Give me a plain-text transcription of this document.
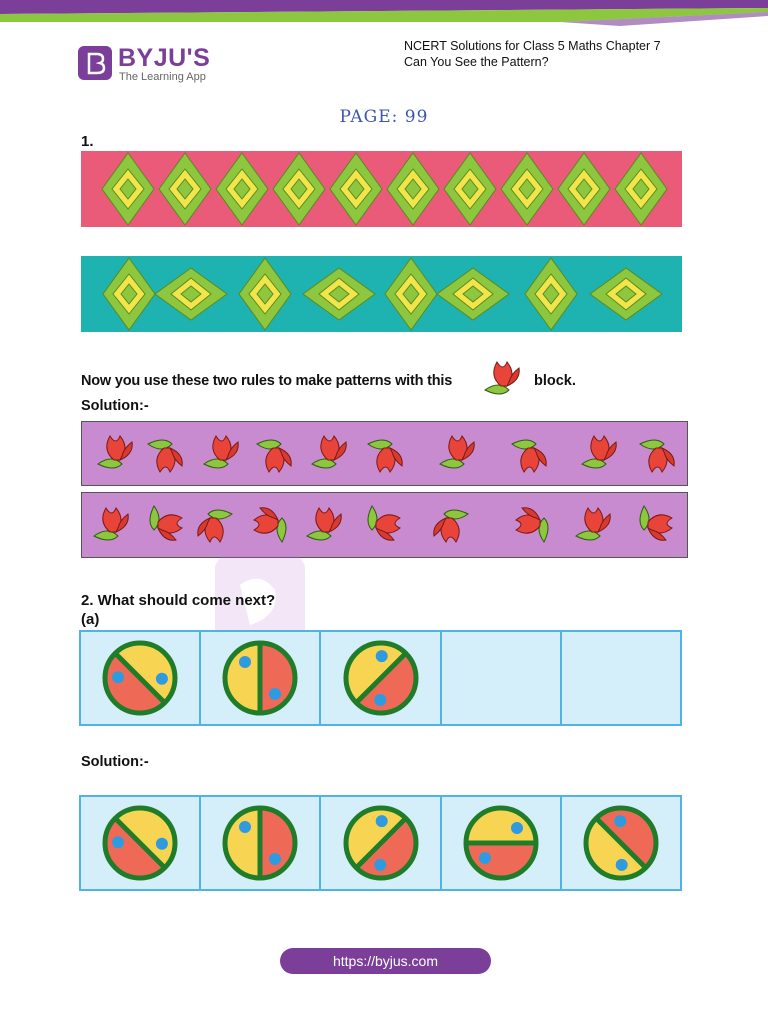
BYJU'S
The Learning App
NCERT Solutions for Class 5 Maths Chapter 7
Can You See the Pattern?
PAGE: 99
1.
Now you use these two rules to make patterns with this	block.
Solution:-
2. What should come next?
(a)
Solution:-
https://byjus.com
